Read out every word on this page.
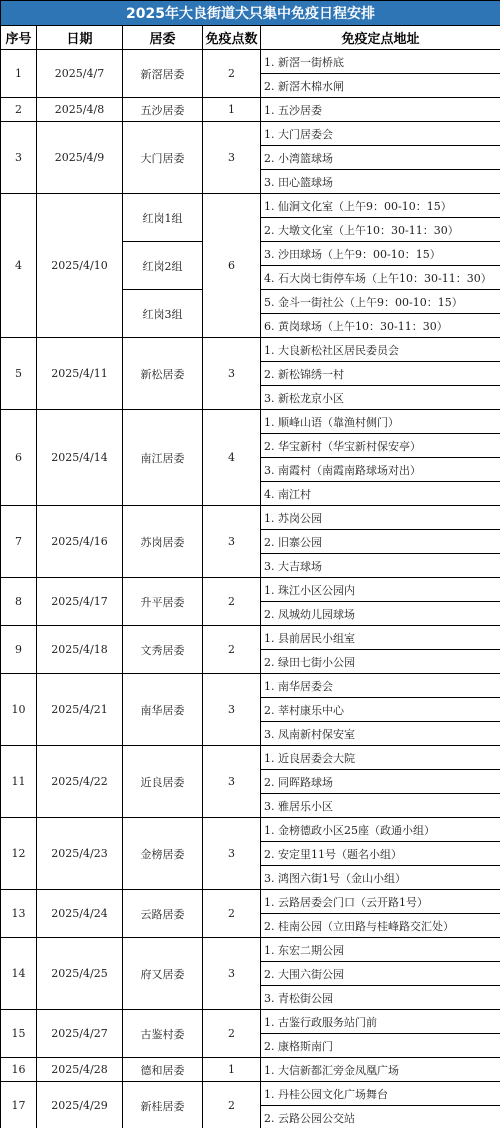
2025年大良街道犬只集中免疫日程安排				
序号	日期	居委	免疫点数	免疫定点地址
1	2025/4/7	新滘居委	2	1. 新滘一街桥底
				2. 新滘木棉水闸
2	2025/4/8	五沙居委	1	1. 五沙居委
3	2025/4/9	大门居委	3	1. 大门居委会
				2. 小湾篮球场
				3. 田心篮球场
4	2025/4/10	红岗1组	6	1. 仙涧文化室（上午9：00-10：15）
				2. 大墩文化室（上午10：30-11：30）
		红岗2组		3. 沙田球场（上午9：00-10：15）
				4. 石大岗七街停车场（上午10：30-11：30）
		红岗3组		5. 金斗一街社公（上午9：00-10：15）
				6. 黄岗球场（上午10：30-11：30）
5	2025/4/11	新松居委	3	1. 大良新松社区居民委员会
				2. 新松锦绣一村
				3. 新松龙京小区
6	2025/4/14	南江居委	4	1. 顺峰山语（靠渔村侧门）
				2. 华宝新村（华宝新村保安亭）
				3. 南霞村（南霞南路球场对出）
				4. 南江村
7	2025/4/16	苏岗居委	3	1. 苏岗公园
				2. 旧寨公园
				3. 大吉球场
8	2025/4/17	升平居委	2	1. 珠江小区公园内
				2. 凤城幼儿园球场
9	2025/4/18	文秀居委	2	1. 县前居民小组室
				2. 绿田七街小公园
10	2025/4/21	南华居委	3	1. 南华居委会
				2. 莘村康乐中心
				3. 凤南新村保安室
11	2025/4/22	近良居委	3	1. 近良居委会大院
				2. 同晖路球场
				3. 雅居乐小区
12	2025/4/23	金榜居委	3	1. 金榜德政小区25座（政通小组）
				2. 安定里11号（题名小组）
				3. 鸿图六街1号（金山小组）
13	2025/4/24	云路居委	2	1. 云路居委会门口（云开路1号）
				2. 桂南公园（立田路与桂峰路交汇处）
14	2025/4/25	府又居委	3	1. 东宏二期公园
				2. 大围六街公园
				3. 青松街公园
15	2025/4/27	古鉴村委	2	1. 古鉴行政服务站门前
				2. 康格斯南门
16	2025/4/28	德和居委	1	1. 大信新都汇旁金凤凰广场
17	2025/4/29	新桂居委	2	1. 丹桂公园文化广场舞台
				2. 云路公园公交站
